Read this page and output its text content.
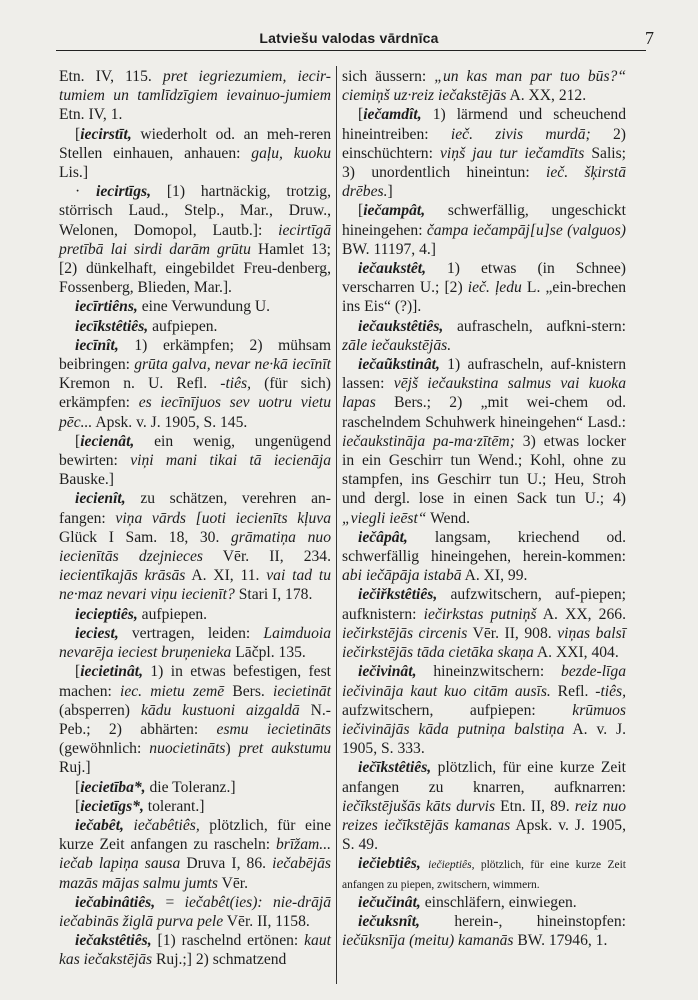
Latviešu valodas vārdnīca	7

Etn. IV, 115. pret iegriezumiem, iecir-tumiem un tamlīdzīgiem ievainuo-jumiem Etn. IV, 1.

[iecirstīt, wiederholt od. an meh-reren Stellen einhauen, anhauen: gaļu, kuoku Lis.]

· iecirtīgs, [1) hartnäckig, trotzig, störrisch Laud., Stelp., Mar., Druw., Welonen, Domopol, Lautb.]: iecirtīgā pretībā lai sirdi darām grūtu Hamlet 13; [2) dünkelhaft, eingebildet Freu-denberg, Fossenberg, Blieden, Mar.].

iecīrtiêns, eine Verwundung U.

iecīkstêtiês, aufpiepen.

iecīnît, 1) erkämpfen; 2) mühsam beibringen: grūta galva, nevar ne·kā iecīnīt Kremon n. U. Refl. -tiês, (für sich) erkämpfen: es iecīnījuos sev uotru vietu pēc... Apsk. v. J. 1905, S. 145.

[iecienât, ein wenig, ungenügend bewirten: viņi mani tikai tā iecienāja Bauske.]

iecienît, zu schätzen, verehren an-fangen: viņa vārds [uoti iecienīts kļuva Glück I Sam. 18, 30. grāmatiņa nuo iecienītās dzejnieces Vēr. II, 234. iecientīkajās krāsās A. XI, 11. vai tad tu ne·maz nevari viņu iecienīt? Stari I, 178.

iecieptiês, aufpiepen.

ieciest, vertragen, leiden: Laimduoia nevarēja ieciest bruņenieka Lāčpl. 135.

[iecietinât, 1) in etwas befestigen, fest machen: iec. mietu zemē Bers. iecietināt (absperren) kādu kustuoni aizgaldā N.-Peb.; 2) abhärten: esmu iecietināts (gewöhnlich: nuocietināts) pret aukstumu Ruj.]

[iecietība*, die Toleranz.]

[iecietīgs*, tolerant.]

iečabêt, iečabêtiês, plötzlich, für eine kurze Zeit anfangen zu rascheln: brīžam... iečab lapiņa sausa Druva I, 86. iečabējās mazās mājas salmu jumts Vēr.

iečabinâtiês, = iečabêt(ies): nie-drājā iečabinās žiglā purva pele Vēr. II, 1158.

iečakstêtiês, [1) raschelnd ertönen: kaut kas iečakstējās Ruj.;] 2) schmatzend

sich äussern: „un kas man par tuo būs?“ ciemiņš uz·reiz iečakstējās A. XX, 212.

[iečamdît, 1) lärmend und scheuchend hineintreiben: ieč. zivis murdā; 2) einschüchtern: viņš jau tur iečamdīts Salis; 3) unordentlich hineintun: ieč. šķirstā drēbes.]

[iečampât, schwerfällig, ungeschickt hineingehen: čampa iečampāj[u]se (valguos) BW. 11197, 4.]

iečaukstêt, 1) etwas (in Schnee) verscharren U.; [2) ieč. ļedu L. „ein-brechen ins Eis“ (?)].

iečaukstêtiês, aufrascheln, aufkni-stern: zāle iečaukstējās.

iečaũkstinât, 1) aufrascheln, auf-knistern lassen: vējš iečaukstina salmus vai kuoka lapas Bers.; 2) „mit wei-chem od. raschelndem Schuhwerk hineingehen“ Lasd.: iečaukstināja pa-ma·zītēm; 3) etwas locker in ein Geschirr tun Wend.; Kohl, ohne zu stampfen, ins Geschirr tun U.; Heu, Stroh und dergl. lose in einen Sack tun U.; 4) „viegli ieēst“ Wend.

iečâpât, langsam, kriechend od. schwerfällig hineingehen, herein-kommen: abi iečāpāja istabā A. XI, 99.

iečiřkstêtiês, aufzwitschern, auf-piepen; aufknistern: iečirkstas putniņš A. XX, 266. iečirkstējās circenis Vēr. II, 908. viņas balsī iečirkstējās tāda cietāka skaņa A. XXI, 404.

iečivinât, hineinzwitschern: bezde-līga iečivināja kaut kuo citām ausīs. Refl. -tiês, aufzwitschern, aufpiepen: krūmuos iečivinājās kāda putniņa balstiņa A. v. J. 1905, S. 333.

iečīkstêtiês, plötzlich, für eine kurze Zeit anfangen zu knarren, aufknarren: iečīkstējušās kāts durvis Etn. II, 89. reiz nuo reizes iečīkstējās kamanas Apsk. v. J. 1905, S. 49.

iečiebtiês, iečieptiês, plötzlich, für eine kurze Zeit anfangen zu piepen, zwitschern, wimmern.

iečučinât, einschläfern, einwiegen.

iečuksnît, herein-, hineinstopfen: iečūksnīja (meitu) kamanās BW. 17946, 1.
